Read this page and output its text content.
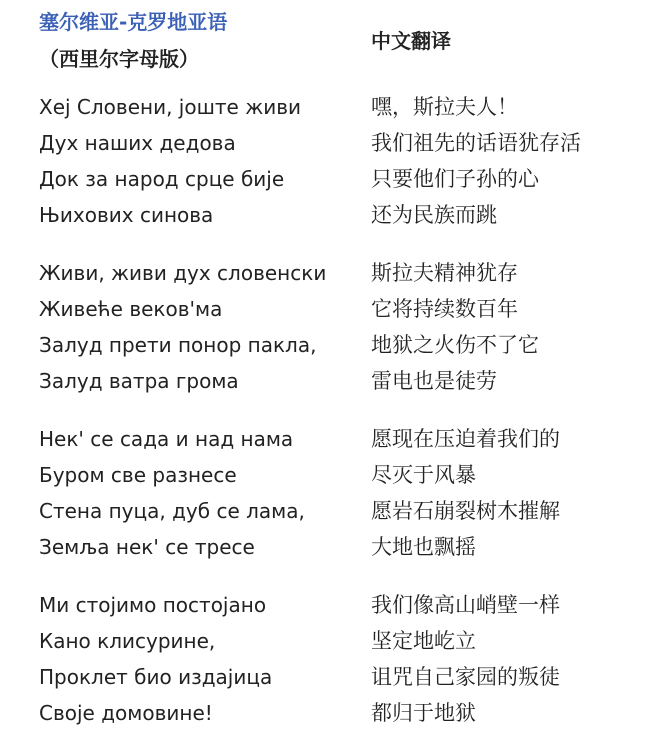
塞尔维亚-克罗地亚语
（西里尔字母版）
Хеј Словени, јоште живи
Дух наших дедова
Док за народ срце бије
Њихових синова
Живи, живи дух словенски
Живеће веков'ма
Залуд прети понор пакла,
Залуд ватра грома
Нек' се сада и над нама
Буром све разнесе
Стена пуца, дуб се лама,
Земља нек' се тресе
Ми стојимо постојано
Кано клисурине,
Проклет био издајица
Своје домовине!
中文翻译
嘿，斯拉夫人！
我们祖先的话语犹存活
只要他们子孙的心
还为民族而跳
斯拉夫精神犹存
它将持续数百年
地狱之火伤不了它
雷电也是徒劳
愿现在压迫着我们的
尽灭于风暴
愿岩石崩裂树木摧解
大地也飘摇
我们像高山峭壁一样
坚定地屹立
诅咒自己家园的叛徒
都归于地狱
